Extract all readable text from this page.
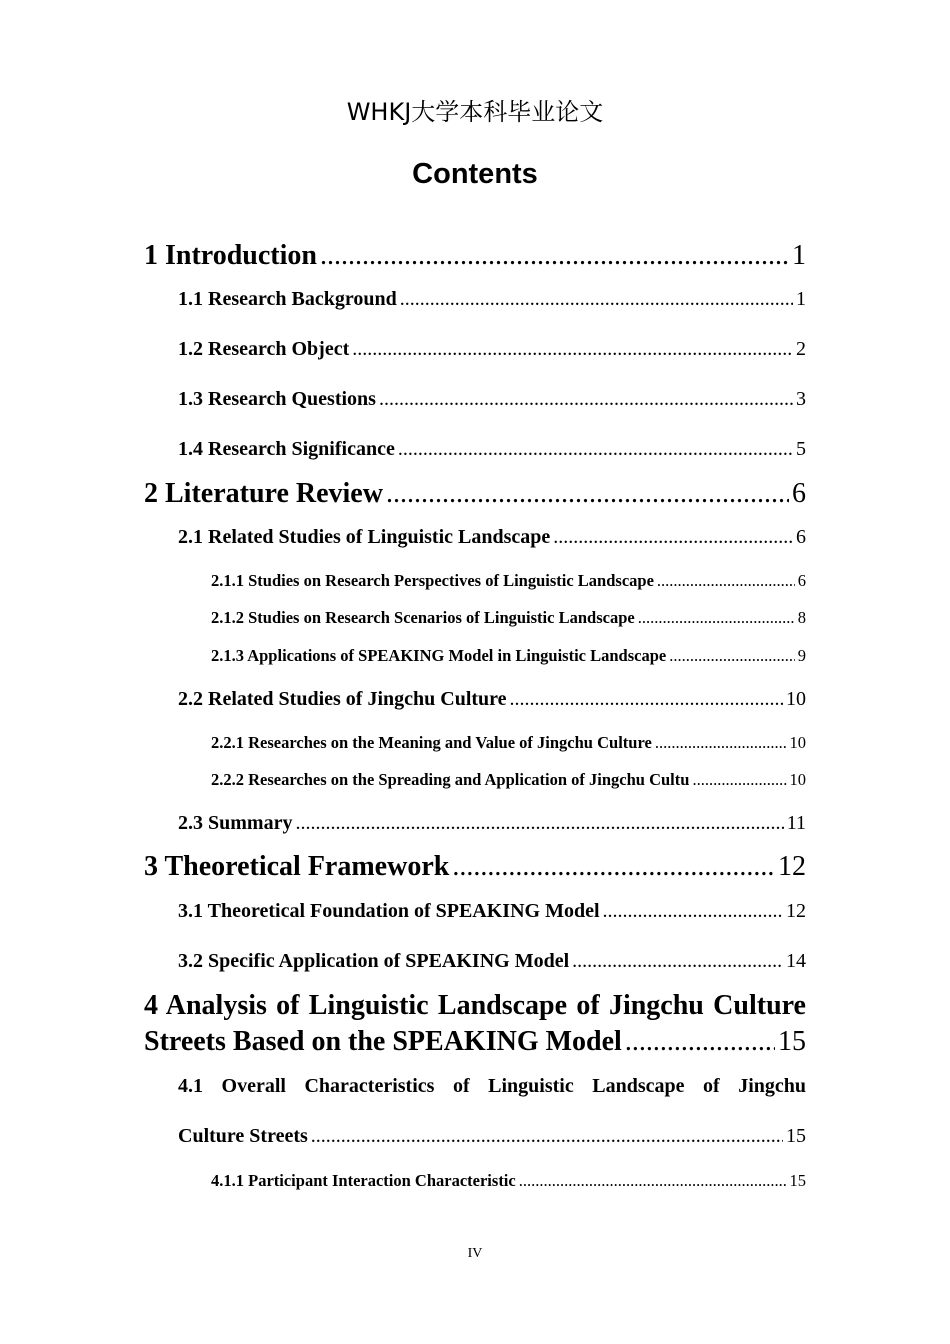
WHKJ大学本科毕业论文
Contents
1 Introduction .....	1
1.1 Research Background .....	1
1.2 Research Object .....	2
1.3 Research Questions .....	3
1.4 Research Significance .....	5
2 Literature Review .....	6
2.1 Related Studies of Linguistic Landscape .....	6
2.1.1 Studies on Research Perspectives of Linguistic Landscape .....	6
2.1.2 Studies on Research Scenarios of Linguistic Landscape .....	8
2.1.3 Applications of SPEAKING Model in Linguistic Landscape .....	9
2.2 Related Studies of Jingchu Culture .....	10
2.2.1 Researches on the Meaning and Value of Jingchu Culture .....	10
2.2.2 Researches on the Spreading and Application of Jingchu Cultu .....	10
2.3 Summary .....	11
3 Theoretical Framework .....	12
3.1 Theoretical Foundation of SPEAKING Model .....	12
3.2 Specific Application of SPEAKING Model .....	14
4 Analysis of Linguistic Landscape of Jingchu Culture
Streets Based on the SPEAKING Model .....	15
4.1 Overall Characteristics of Linguistic Landscape of Jingchu
Culture Streets .....	15
4.1.1 Participant Interaction Characteristic .....	15
IV
